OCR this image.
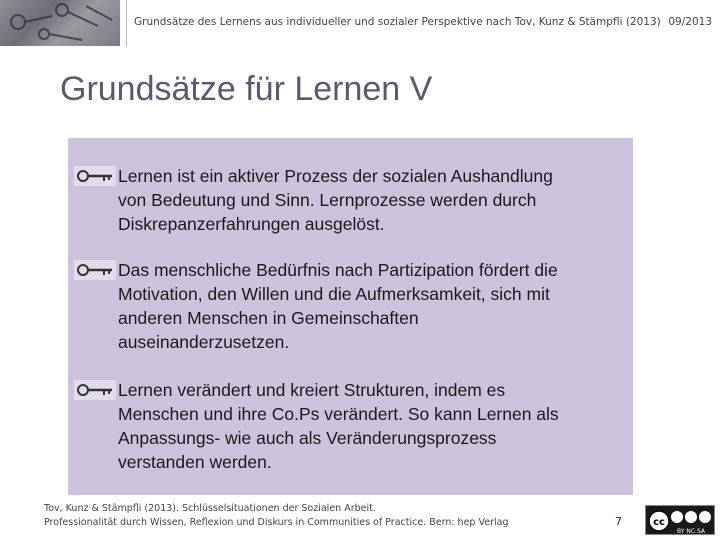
Grundsätze des Lernens aus individueller und sozialer Perspektive nach Tov, Kunz & Stämpfli (2013) 09/2013
Grundsätze für Lernen V
Lernen ist ein aktiver Prozess der sozialen Aushandlung
von Bedeutung und Sinn. Lernprozesse werden durch
Diskrepanzerfahrungen ausgelöst.
Das menschliche Bedürfnis nach Partizipation fördert die
Motivation, den Willen und die Aufmerksamkeit, sich mit
anderen Menschen in Gemeinschaften
auseinanderzusetzen.
Lernen verändert und kreiert Strukturen, indem es
Menschen und ihre Co.Ps verändert. So kann Lernen als
Anpassungs- wie auch als Veränderungsprozess
verstanden werden.
Tov, Kunz & Stämpfli (2013). Schlüsselsituationen der Sozialen Arbeit.
Professionalität durch Wissen, Reflexion und Diskurs in Communities of Practice. Bern: hep Verlag	7	cc
BY NC SA
